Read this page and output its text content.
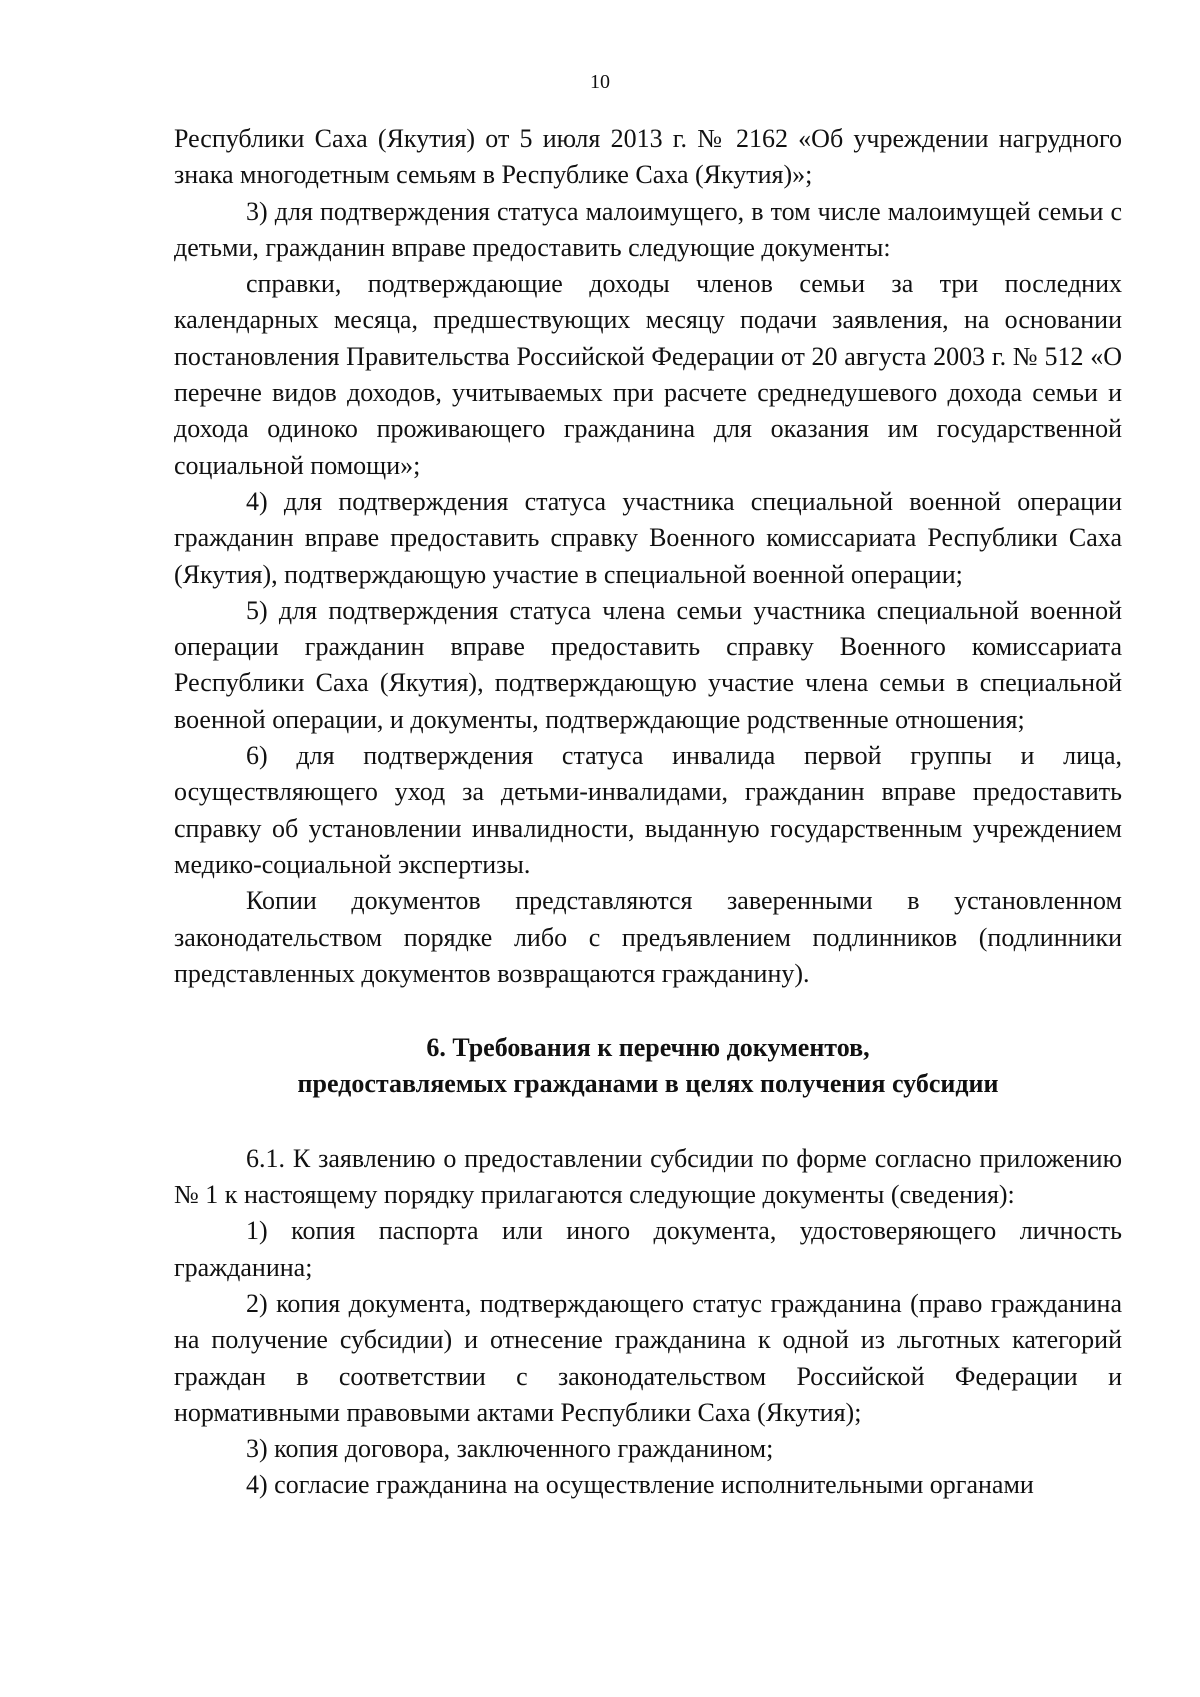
10

Республики Саха (Якутия) от 5 июля 2013 г. № 2162 «Об учреждении нагрудного знака многодетным семьям в Республике Саха (Якутия)»;

3) для подтверждения статуса малоимущего, в том числе малоимущей семьи с детьми, гражданин вправе предоставить следующие документы:

справки, подтверждающие доходы членов семьи за три последних календарных месяца, предшествующих месяцу подачи заявления, на основании постановления Правительства Российской Федерации от 20 августа 2003 г. № 512 «О перечне видов доходов, учитываемых при расчете среднедушевого дохода семьи и дохода одиноко проживающего гражданина для оказания им государственной социальной помощи»;

4) для подтверждения статуса участника специальной военной операции гражданин вправе предоставить справку Военного комиссариата Республики Саха (Якутия), подтверждающую участие в специальной военной операции;

5) для подтверждения статуса члена семьи участника специальной военной операции гражданин вправе предоставить справку Военного комиссариата Республики Саха (Якутия), подтверждающую участие члена семьи в специальной военной операции, и документы, подтверждающие родственные отношения;

6) для подтверждения статуса инвалида первой группы и лица, осуществляющего уход за детьми-инвалидами, гражданин вправе предоставить справку об установлении инвалидности, выданную государственным учреждением медико-социальной экспертизы.

Копии документов представляются заверенными в установленном законодательством порядке либо с предъявлением подлинников (подлинники представленных документов возвращаются гражданину).

6. Требования к перечню документов,
предоставляемых гражданами в целях получения субсидии

6.1. К заявлению о предоставлении субсидии по форме согласно приложению № 1 к настоящему порядку прилагаются следующие документы (сведения):

1) копия паспорта или иного документа, удостоверяющего личность гражданина;

2) копия документа, подтверждающего статус гражданина (право гражданина на получение субсидии) и отнесение гражданина к одной из льготных категорий граждан в соответствии с законодательством Российской Федерации и нормативными правовыми актами Республики Саха (Якутия);

3) копия договора, заключенного гражданином;

4) согласие гражданина на осуществление исполнительными органами
